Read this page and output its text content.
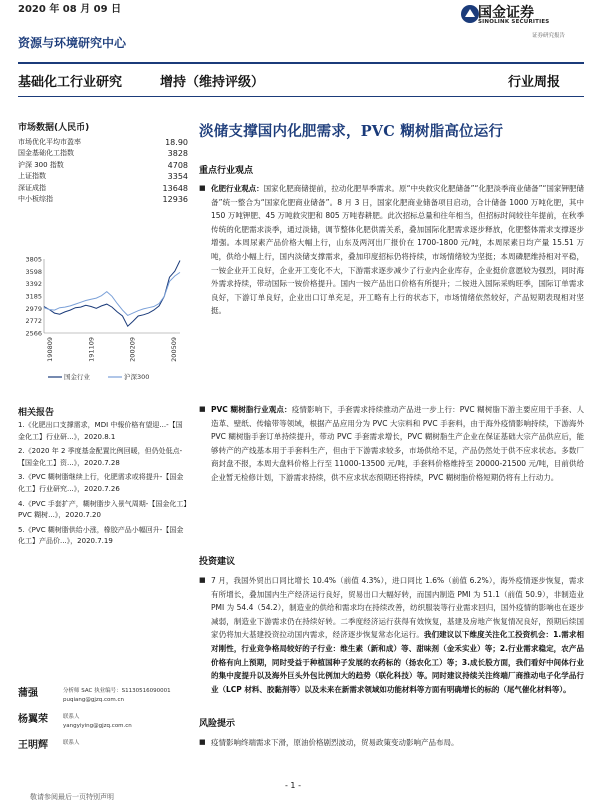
2020 年 08 月 09 日	国金证券
SINOLINK SECURITIES
证券研究报告
资源与环境研究中心
基础化工行业研究	增持（维持评级）	行业周报
市场数据(人民币)
市场优化平均市盈率	18.90
国金基础化工指数	3828
沪深 300 指数	4708
上证指数	3354
深证成指	13648
中小板综指	12936
3805
3598
3392
3185
2979
2772
2566
190809	191109	200209	200509
国金行业	沪深300
相关报告
1.《化肥出口支撑需求，MDI 中報价格有望迎...-【国金化工】行业研...》，2020.8.1
2.《2020 年 2 季度基金配置比例回暖，但仍处低点-【国金化工】资...》，2020.7.28
3.《PVC 糊树脂继续上行，化肥需求或将提升-【国金化工】行业研究...》，2020.7.26
4.《PVC 手套扩产，糊树脂步入景气周期-【国金化工】PVC 糊树...》，2020.7.20
5.《PVC 糊树脂供给小涨，橡胶产品小幅回升-【国金化工】产品价...》，2020.7.19
蒲强	分析师 SAC 执业编号：S1130516090001
puqiang@gjzq.com.cn
杨翼荣	联系人
yangyiying@gjzq.com.cn
王明辉	联系人
淡储支撑国内化肥需求，PVC 糊树脂高位运行
重点行业观点
■ 化肥行业观点：国家化肥商储提前，拉动化肥旱季需求。原“中央救灾化肥储备”“化肥淡季商业储备”“国家钾肥储备”统一整合为“国家化肥商业储备”。8 月 3 日，国家化肥商业储备项目启动，合计储备 1000 万吨化肥，其中 150 万吨钾肥、45 万吨救灾肥和 805 万吨春耕肥。此次招标总量和往年相当，但招标时间较往年提前，在秋季传统的化肥需求淡季，通过淡储，调节整体化肥供需关系，叠加国际化肥需求逐步释放，化肥整体需求支撑逐步增强。本周尿素产品价格大幅上行，山东及两河出厂报价在 1700-1800 元/吨，本周尿素日均产量 15.51 万吨，供给小幅上行，国内淡储支撑需求，叠加印度招标仍将持续，市场情绪较为坚挺；本周磷肥维持相对平稳，一铵企业开工良好，企业开工变化不大，下游需求逐步减少了行业内企业库存，企业挺价意愿较为强烈，同时海外需求持续，带动国际一铵价格提升。国内一铵产品出口价格有所提升；二铵进入国际采购旺季，国际订单需求良好，下游订单良好，企业出口订单充足，开工略有上行的状态下，市场情绪依然较好，产品短期表现相对坚挺。
■ PVC 糊树脂行业观点：疫情影响下，手套需求持续推动产品进一步上行：PVC 糊树脂下游主要应用于手套、人造革、壁纸、传输带等领域，根据产品应用分为 PVC 大宗料和 PVC 手套料，由于海外疫情影响持续，下游海外 PVC 糊树脂手套订单持续提升，带动 PVC 手套需求增长，PVC 糊树脂生产企业在保证基础大宗产品供应后，能够转产的产线基本用于手套料生产，但由于下游需求较多，市场供给不足，产品仍然处于供不应求状态。多数厂商封盘不报，本周大盘料价格上行至 11000-13500 元/吨，手套料价格维持至 20000-21500 元/吨，目前供给企业暂无检修计划，下游需求持续，供不应求状态预期还将持续，PVC 糊树脂价格短期仍将有上行动力。
投资建议
■ 7 月，我国外贸出口同比增长 10.4%（前值 4.3%），进口同比 1.6%（前值 6.2%），海外疫情逐步恢复，需求有所增长，叠加国内生产经济运行良好，贸易出口大幅好转，而国内制造 PMI 为 51.1（前值 50.9），非制造业 PMI 为 54.4（54.2），制造业的供给和需求均在持续改善，纺织服装等行业需求回归，国外疫情的影响也在逐步减弱，制造业下游需求仍在持续好转。二季度经济运行获得有效恢复，基建及房地产恢复情况良好，预期后续国家仍将加大基建投资拉动国内需求，经济逐步恢复常态化运行。我们建议以下维度关注化工投资机会：1.需求相对刚性，行业竞争格局较好的子行业：维生素（新和成）等、甜味剂（金禾实业）等；2.行业需求稳定，农产品价格有向上预期，同时受益于种植国种子发展的农药标的（扬农化工）等；3.成长股方面，我们看好中间体行业的集中度提升以及海外巨头外包比例加大的趋势（联化科技）等。同时建议持续关注终端厂商推动电子化学品行业（LCP 材料、胶黏剂等）以及未来在新需求领域如功能材料等方面有明确增长的标的（尾气催化材料等）。
风险提示
■ 疫情影响终端需求下滑，原油价格剧烈波动，贸易政策变动影响产品布局。
- 1 -
敬请参阅最后一页特别声明
